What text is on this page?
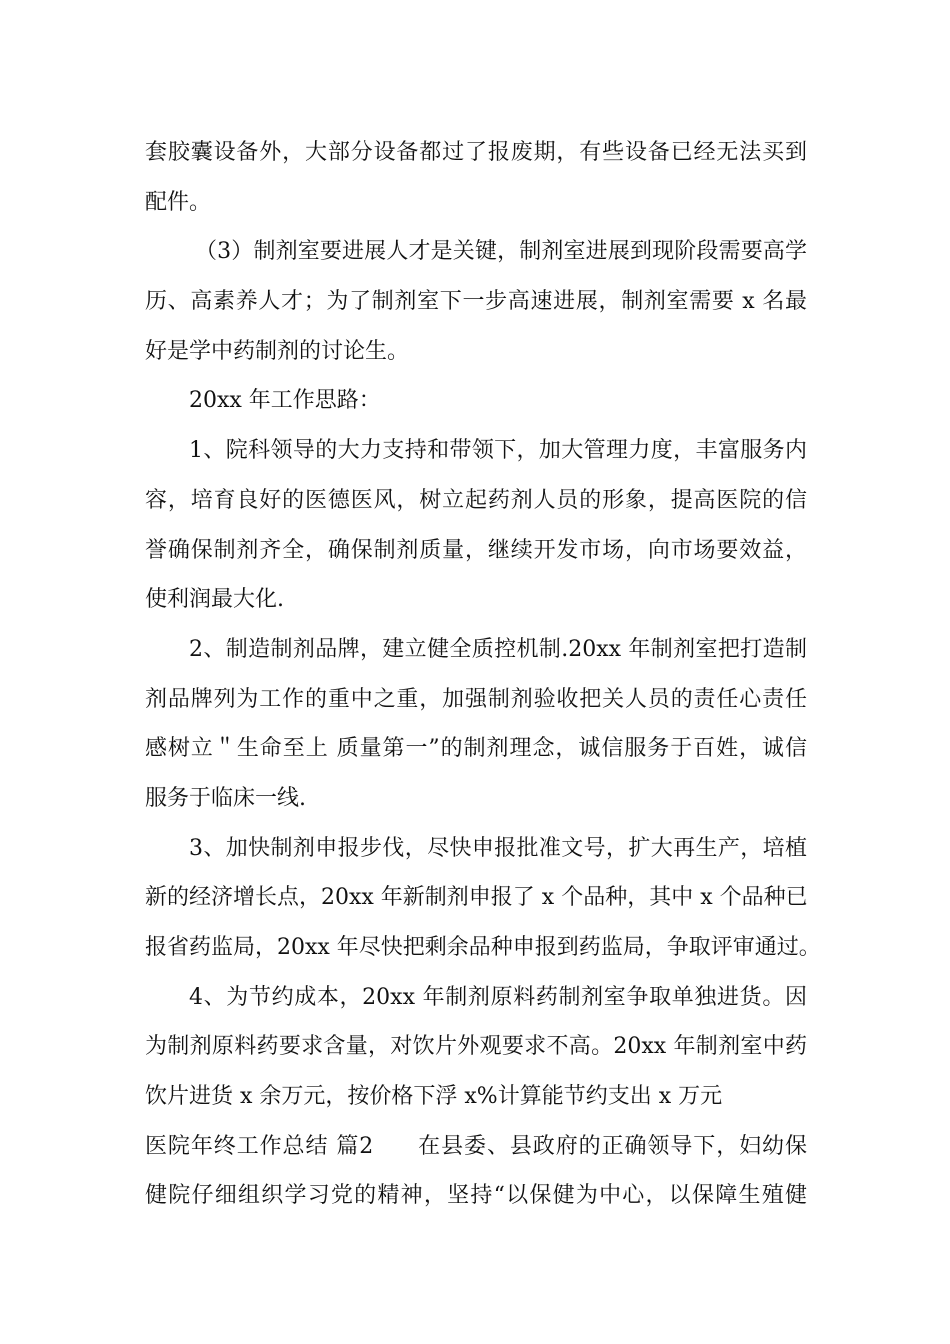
套胶囊设备外，大部分设备都过了报废期，有些设备已经无法买到
配件。
（3）制剂室要进展人才是关键，制剂室进展到现阶段需要高学
历、高素养人才；为了制剂室下一步高速进展，制剂室需要 x 名最
好是学中药制剂的讨论生。
20xx 年工作思路：
1、院科领导的大力支持和带领下，加大管理力度，丰富服务内
容，培育良好的医德医风，树立起药剂人员的形象，提高医院的信
誉确保制剂齐全，确保制剂质量，继续开发市场，向市场要效益，
使利润最大化.
2、制造制剂品牌，建立健全质控机制.20xx 年制剂室把打造制
剂品牌列为工作的重中之重，加强制剂验收把关人员的责任心责任
感树立＂生命至上 质量第一”的制剂理念，诚信服务于百姓，诚信
服务于临床一线.
3、加快制剂申报步伐，尽快申报批准文号，扩大再生产，培植
新的经济增长点，20xx 年新制剂申报了 x 个品种，其中 x 个品种已
报省药监局，20xx 年尽快把剩余品种申报到药监局，争取评审通过。
4、为节约成本，20xx 年制剂原料药制剂室争取单独进货。因
为制剂原料药要求含量，对饮片外观要求不高。20xx 年制剂室中药
饮片进货 x 余万元，按价格下浮 x%计算能节约支出 x 万元
医院年终工作总结 篇2 在县委、县政府的正确领导下，妇幼保
健院仔细组织学习党的精神，坚持“以保健为中心，以保障生殖健
